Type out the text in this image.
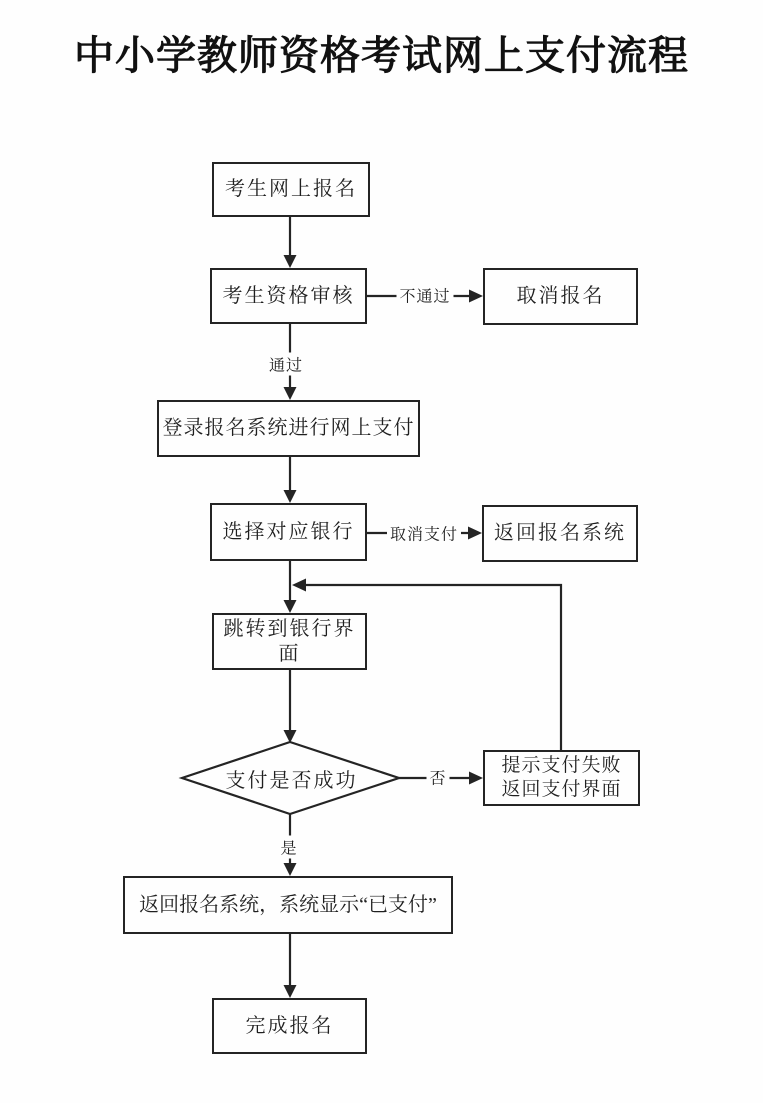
中小学教师资格考试网上支付流程
考生网上报名
考生资格审核	取消报名
登录报名系统进行网上支付
选择对应银行	返回报名系统
跳转到银行界面
支付是否成功
提示支付失败
返回支付界面
返回报名系统，系统显示“已支付”
完成报名
通过
不通过
取消支付
否
是
